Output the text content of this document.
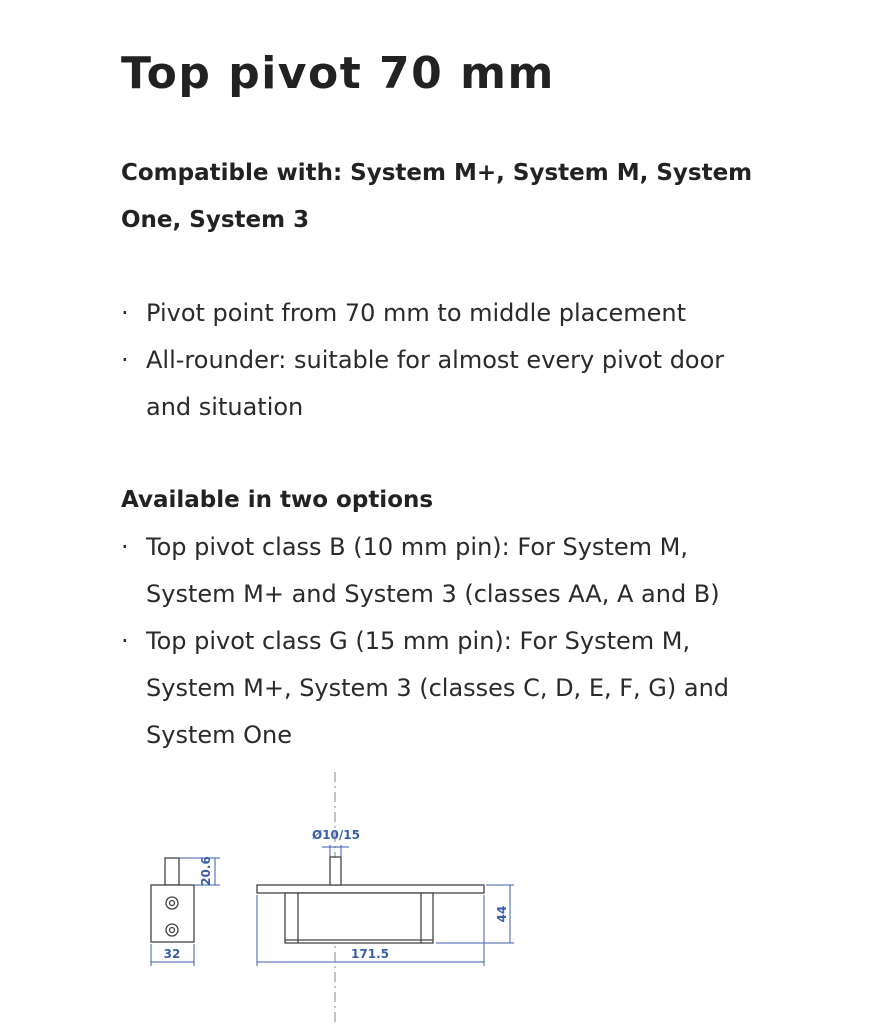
Top pivot 70 mm

Compatible with: System M+, System M, System One, System 3

· Pivot point from 70 mm to middle placement
· All-rounder: suitable for almost every pivot door and situation
Available in two options
· Top pivot class B (10 mm pin): For System M, System M+ and System 3 (classes AA, A and B)
· Top pivot class G (15 mm pin): For System M, System M+, System 3 (classes C, D, E, F, G) and System One
Ø10/15
20.6
32	171.5
44
